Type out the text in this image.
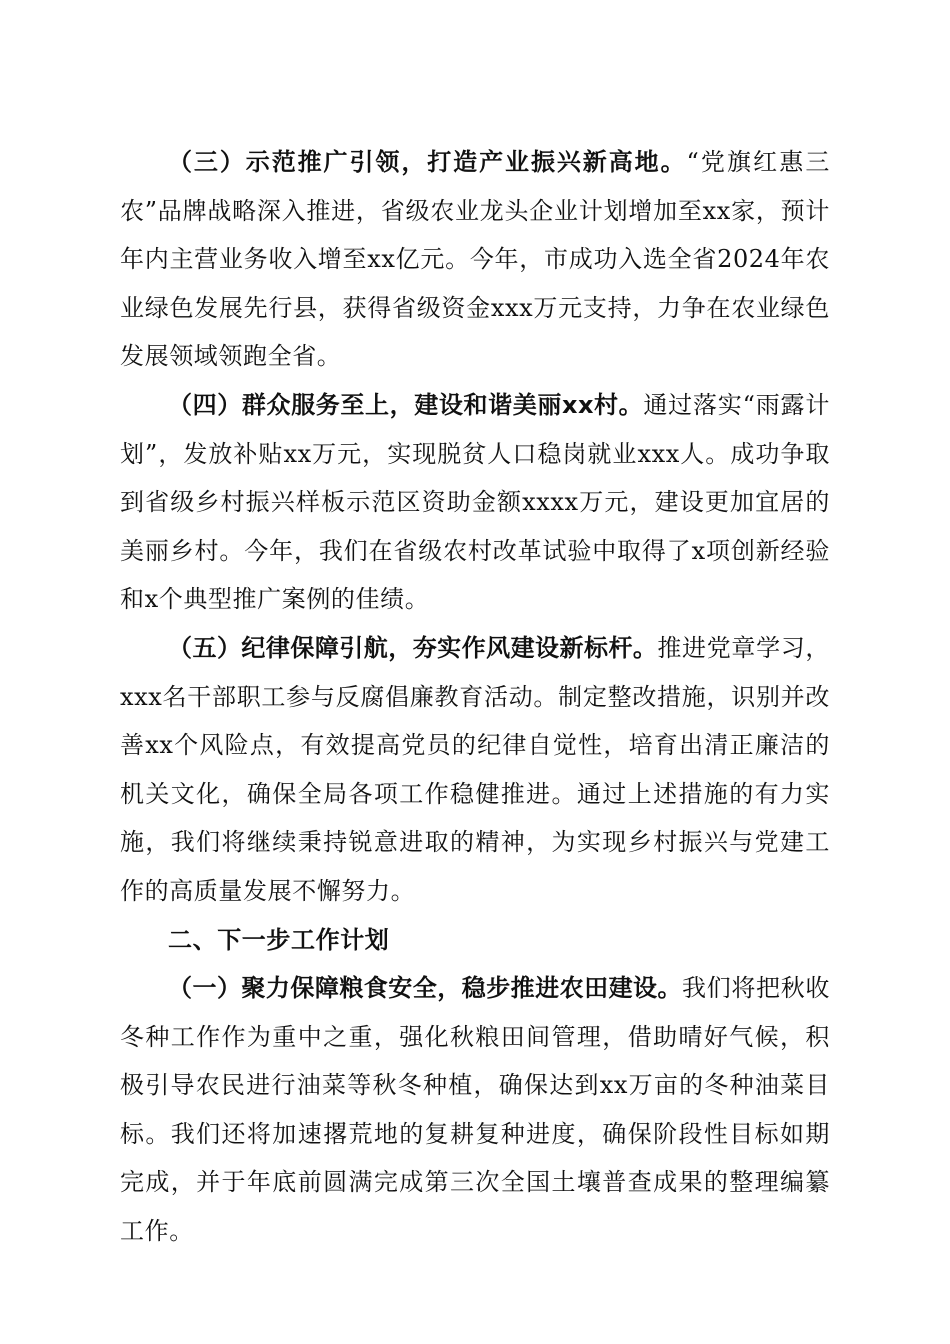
（三）示范推广引领，打造产业振兴新高地。“党旗红惠三农”品牌战略深入推进，省级农业龙头企业计划增加至xx家，预计年内主营业务收入增至xx亿元。今年，市成功入选全省2024年农业绿色发展先行县，获得省级资金xxx万元支持，力争在农业绿色发展领域领跑全省。

（四）群众服务至上，建设和谐美丽xx村。通过落实“雨露计划”，发放补贴xx万元，实现脱贫人口稳岗就业xxx人。成功争取到省级乡村振兴样板示范区资助金额xxxx万元，建设更加宜居的美丽乡村。今年，我们在省级农村改革试验中取得了x项创新经验和x个典型推广案例的佳绩。

（五）纪律保障引航，夯实作风建设新标杆。推进党章学习，xxx名干部职工参与反腐倡廉教育活动。制定整改措施，识别并改善xx个风险点，有效提高党员的纪律自觉性，培育出清正廉洁的机关文化，确保全局各项工作稳健推进。通过上述措施的有力实施，我们将继续秉持锐意进取的精神，为实现乡村振兴与党建工作的高质量发展不懈努力。

二、下一步工作计划

（一）聚力保障粮食安全，稳步推进农田建设。我们将把秋收冬种工作作为重中之重，强化秋粮田间管理，借助晴好气候，积极引导农民进行油菜等秋冬种植，确保达到xx万亩的冬种油菜目标。我们还将加速撂荒地的复耕复种进度，确保阶段性目标如期完成，并于年底前圆满完成第三次全国土壤普查成果的整理编纂工作。
